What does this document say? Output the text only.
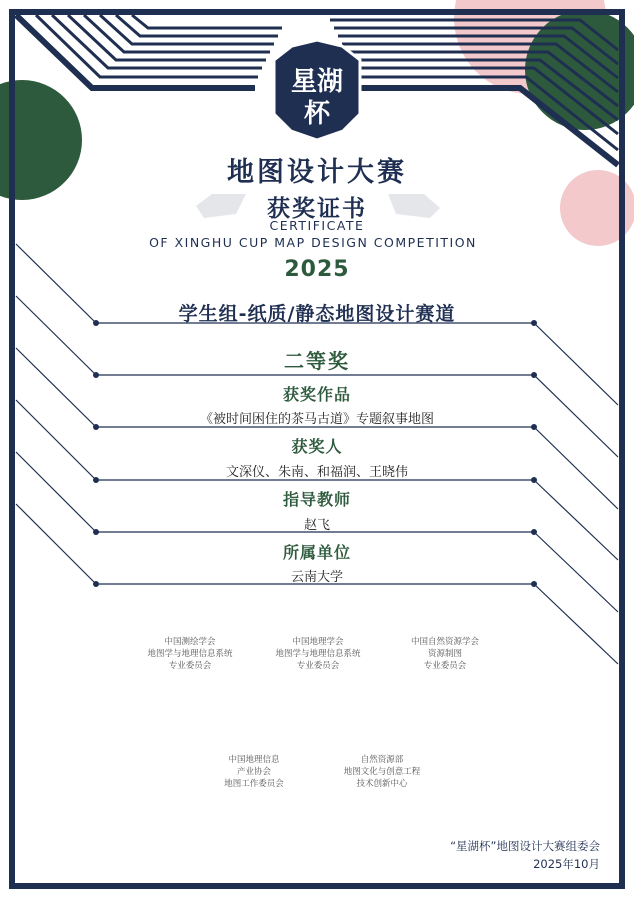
星湖
杯
地图设计大赛
获奖证书
CERTIFICATE
OF XINGHU CUP MAP DESIGN COMPETITION
2025
学生组-纸质/静态地图设计赛道
二等奖
获奖作品
《被时间困住的茶马古道》专题叙事地图
获奖人
文深仪、朱南、和福润、王晓伟
指导教师
赵飞
所属单位
云南大学
中国测绘学会
地图学与地理信息系统
专业委员会
中国地理学会
地图学与地理信息系统
专业委员会
中国自然资源学会
资源制图
专业委员会
中国地理信息
产业协会
地图工作委员会
自然资源部
地图文化与创意工程
技术创新中心
“星湖杯”地图设计大赛组委会
2025年10月
